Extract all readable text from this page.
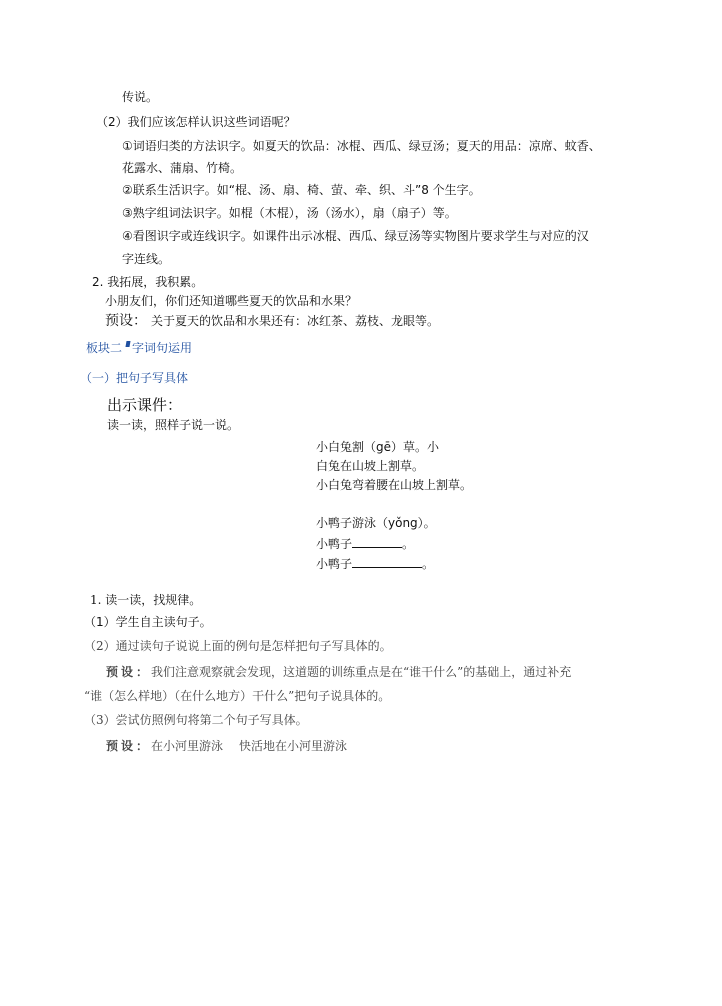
传说。
（2）我们应该怎样认识这些词语呢？
①词语归类的方法识字。如夏天的饮品：冰棍、西瓜、绿豆汤；夏天的用品：凉席、蚊香、
花露水、蒲扇、竹椅。
②联系生活识字。如“棍、汤、扇、椅、萤、牵、织、斗”8 个生字。
③熟字组词法识字。如棍（木棍），汤（汤水），扇（扇子）等。
④看图识字或连线识字。如课件出示冰棍、西瓜、绿豆汤等实物图片要求学生与对应的汉
字连线。
2. 我拓展，我积累。
小朋友们，你们还知道哪些夏天的饮品和水果？
预设： 关于夏天的饮品和水果还有：冰红茶、荔枝、龙眼等。
板块二 字词句运用
（一）把句子写具体
出示课件：
读一读，照样子说一说。
小白兔割（gē）草。小
白兔在山坡上割草。
小白兔弯着腰在山坡上割草。
小鸭子游泳（yǒng）。
小鸭子	。
小鸭子	。
1. 读一读，找规律。
（1）学生自主读句子。
（2）通过读句子说说上面的例句是怎样把句子写具体的。
预设：我们注意观察就会发现，这道题的训练重点是在“谁干什么”的基础上，通过补充
“谁（怎么样地）（在什么地方）干什么”把句子说具体的。
（3）尝试仿照例句将第二个句子写具体。
预设：在小河里游泳 快活地在小河里游泳
